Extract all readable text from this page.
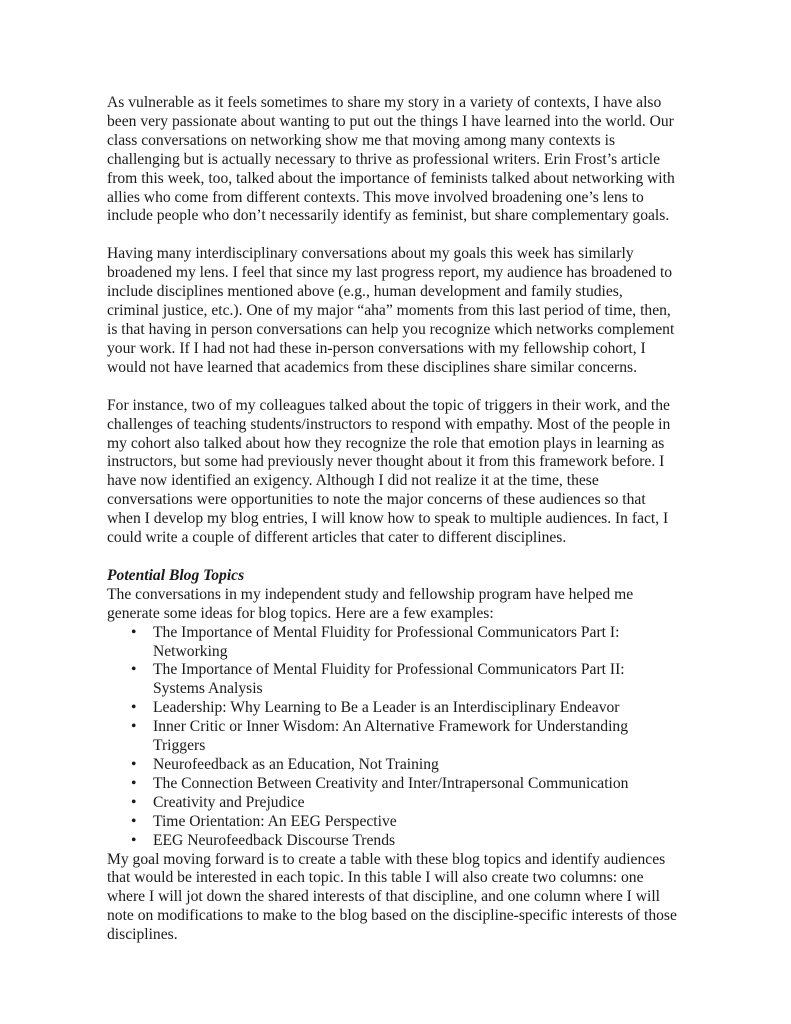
As vulnerable as it feels sometimes to share my story in a variety of contexts, I have also been very passionate about wanting to put out the things I have learned into the world. Our class conversations on networking show me that moving among many contexts is challenging but is actually necessary to thrive as professional writers. Erin Frost’s article from this week, too, talked about the importance of feminists talked about networking with allies who come from different contexts. This move involved broadening one’s lens to include people who don’t necessarily identify as feminist, but share complementary goals.

Having many interdisciplinary conversations about my goals this week has similarly broadened my lens. I feel that since my last progress report, my audience has broadened to include disciplines mentioned above (e.g., human development and family studies, criminal justice, etc.). One of my major “aha” moments from this last period of time, then, is that having in person conversations can help you recognize which networks complement your work. If I had not had these in-person conversations with my fellowship cohort, I would not have learned that academics from these disciplines share similar concerns.

For instance, two of my colleagues talked about the topic of triggers in their work, and the challenges of teaching students/instructors to respond with empathy. Most of the people in my cohort also talked about how they recognize the role that emotion plays in learning as instructors, but some had previously never thought about it from this framework before. I have now identified an exigency. Although I did not realize it at the time, these conversations were opportunities to note the major concerns of these audiences so that when I develop my blog entries, I will know how to speak to multiple audiences. In fact, I could write a couple of different articles that cater to different disciplines.

Potential Blog Topics

The conversations in my independent study and fellowship program have helped me generate some ideas for blog topics. Here are a few examples:

• The Importance of Mental Fluidity for Professional Communicators Part I: Networking
• The Importance of Mental Fluidity for Professional Communicators Part II: Systems Analysis
• Leadership: Why Learning to Be a Leader is an Interdisciplinary Endeavor
• Inner Critic or Inner Wisdom: An Alternative Framework for Understanding Triggers
• Neurofeedback as an Education, Not Training
• The Connection Between Creativity and Inter/Intrapersonal Communication
• Creativity and Prejudice
• Time Orientation: An EEG Perspective
• EEG Neurofeedback Discourse Trends

My goal moving forward is to create a table with these blog topics and identify audiences that would be interested in each topic. In this table I will also create two columns: one where I will jot down the shared interests of that discipline, and one column where I will note on modifications to make to the blog based on the discipline-specific interests of those disciplines.
